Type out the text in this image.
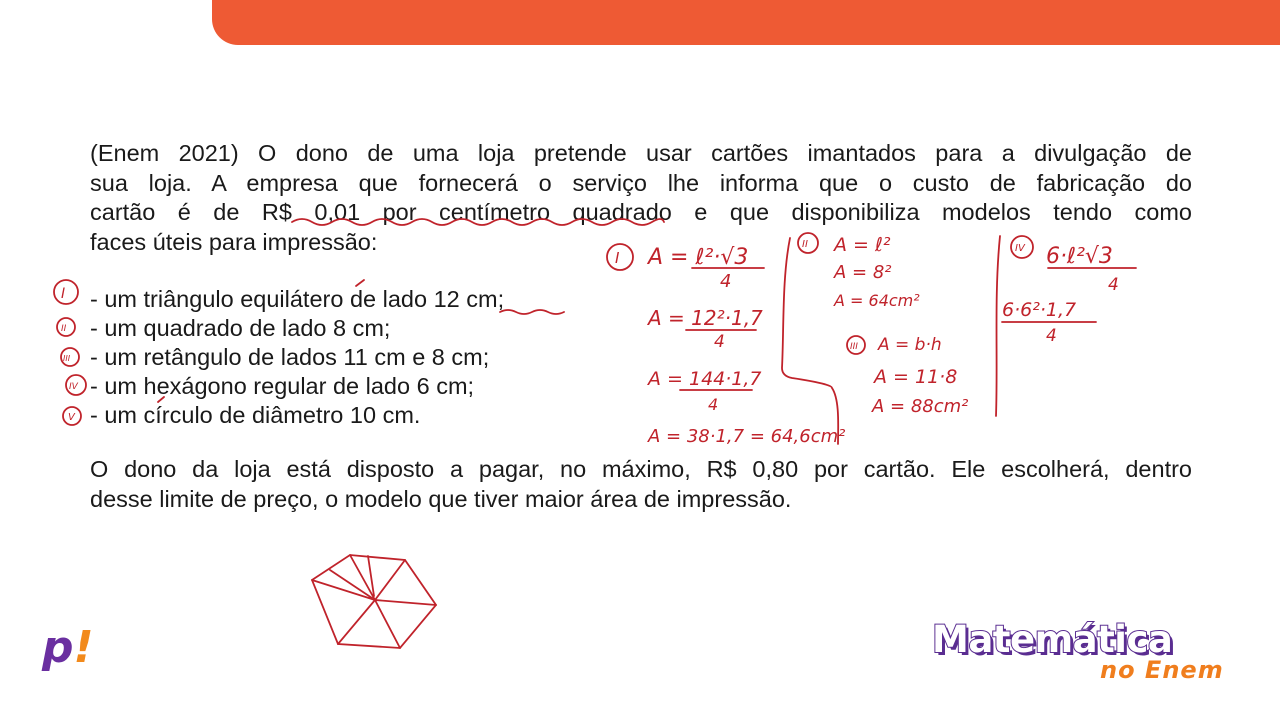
(Enem 2021) O dono de uma loja pretende usar cartões imantados para a divulgação de
sua loja. A empresa que fornecerá o serviço lhe informa que o custo de fabricação do
cartão é de R$ 0,01 por centímetro quadrado e que disponibiliza modelos tendo como
faces úteis para impressão:
- um triângulo equilátero de lado 12 cm;
- um quadrado de lado 8 cm;
- um retângulo de lados 11 cm e 8 cm;
- um hexágono regular de lado 6 cm;
- um círculo de diâmetro 10 cm.
O dono da loja está disposto a pagar, no máximo, R$ 0,80 por cartão. Ele escolherá, dentro
desse limite de preço, o modelo que tiver maior área de impressão.
I
II
III
IV
V
I
II
III
IV
A = ℓ²·√3
4
A = 12²·1,7
4
A = 144·1,7
4
A = 38·1,7 = 64,6cm²
A = ℓ²
A = 8²
A = 64cm²
A = b·h
A = 11·8
A = 88cm²
6·ℓ²√3
4
6·6²·1,7
4
p!	Matemática
no Enem
